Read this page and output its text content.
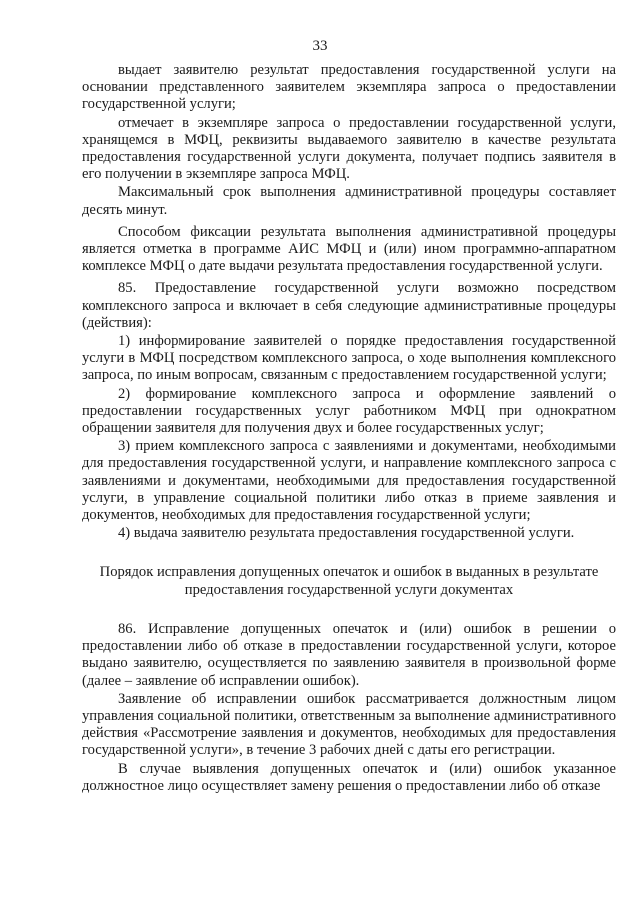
33

выдает заявителю результат предоставления государственной услуги на основании представленного заявителем экземпляра запроса о предоставлении государственной услуги;

отмечает в экземпляре запроса о предоставлении государственной услуги, хранящемся в МФЦ, реквизиты выдаваемого заявителю в качестве результата предоставления государственной услуги документа, получает подпись заявителя в его получении в экземпляре запроса МФЦ.

Максимальный срок выполнения административной процедуры составляет десять минут.

Способом фиксации результата выполнения административной процедуры является отметка в программе АИС МФЦ и (или) ином программно-аппаратном комплексе МФЦ о дате выдачи результата предоставления государственной услуги.

85. Предоставление государственной услуги возможно посредством комплексного запроса и включает в себя следующие административные процедуры (действия):

1) информирование заявителей о порядке предоставления государственной услуги в МФЦ посредством комплексного запроса, о ходе выполнения комплексного запроса, по иным вопросам, связанным с предоставлением государственной услуги;

2) формирование комплексного запроса и оформление заявлений о предоставлении государственных услуг работником МФЦ при однократном обращении заявителя для получения двух и более государственных услуг;

3) прием комплексного запроса с заявлениями и документами, необходимыми для предоставления государственной услуги, и направление комплексного запроса с заявлениями и документами, необходимыми для предоставления государственной услуги, в управление социальной политики либо отказ в приеме заявления и документов, необходимых для предоставления государственной услуги;

4) выдача заявителю результата предоставления государственной услуги.

Порядок исправления допущенных опечаток и ошибок в выданных в результате предоставления государственной услуги документах

86. Исправление допущенных опечаток и (или) ошибок в решении о предоставлении либо об отказе в предоставлении государственной услуги, которое выдано заявителю, осуществляется по заявлению заявителя в произвольной форме (далее – заявление об исправлении ошибок).

Заявление об исправлении ошибок рассматривается должностным лицом управления социальной политики, ответственным за выполнение административного действия «Рассмотрение заявления и документов, необходимых для предоставления государственной услуги», в течение 3 рабочих дней с даты его регистрации.

В случае выявления допущенных опечаток и (или) ошибок указанное должностное лицо осуществляет замену решения о предоставлении либо об отказе
